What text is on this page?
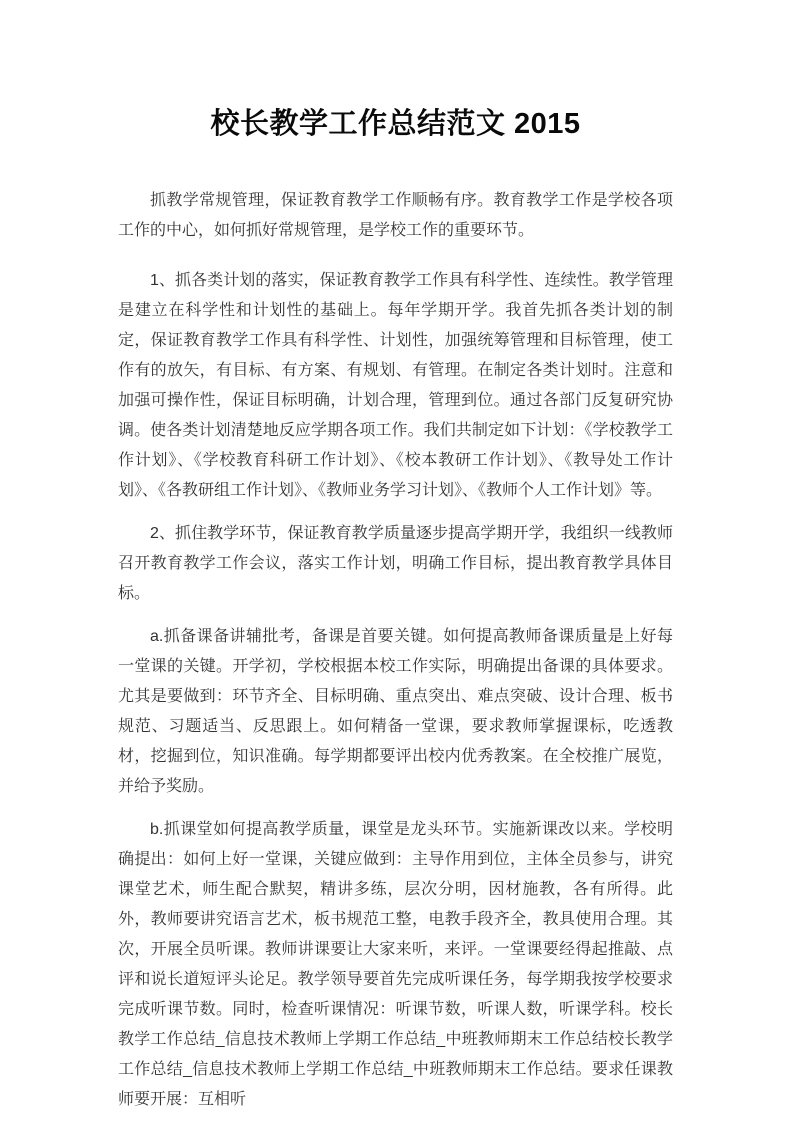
校长教学工作总结范文 2015

抓教学常规管理，保证教育教学工作顺畅有序。教育教学工作是学校各项工作的中心，如何抓好常规管理，是学校工作的重要环节。

1、抓各类计划的落实，保证教育教学工作具有科学性、连续性。教学管理是建立在科学性和计划性的基础上。每年学期开学。我首先抓各类计划的制定，保证教育教学工作具有科学性、计划性，加强统筹管理和目标管理，使工作有的放矢，有目标、有方案、有规划、有管理。在制定各类计划时。注意和加强可操作性，保证目标明确，计划合理，管理到位。通过各部门反复研究协调。使各类计划清楚地反应学期各项工作。我们共制定如下计划：《学校教学工作计划》、《学校教育科研工作计划》、《校本教研工作计划》、《教导处工作计划》、《各教研组工作计划》、《教师业务学习计划》、《教师个人工作计划》等。

2、抓住教学环节，保证教育教学质量逐步提高学期开学，我组织一线教师召开教育教学工作会议，落实工作计划，明确工作目标，提出教育教学具体目标。

a.抓备课备讲辅批考，备课是首要关键。如何提高教师备课质量是上好每一堂课的关键。开学初，学校根据本校工作实际，明确提出备课的具体要求。尤其是要做到：环节齐全、目标明确、重点突出、难点突破、设计合理、板书规范、习题适当、反思跟上。如何精备一堂课，要求教师掌握课标，吃透教材，挖掘到位，知识准确。每学期都要评出校内优秀教案。在全校推广展览，并给予奖励。

b.抓课堂如何提高教学质量，课堂是龙头环节。实施新课改以来。学校明确提出：如何上好一堂课，关键应做到：主导作用到位，主体全员参与，讲究课堂艺术，师生配合默契，精讲多练，层次分明，因材施教，各有所得。此外，教师要讲究语言艺术，板书规范工整，电教手段齐全，教具使用合理。其次，开展全员听课。教师讲课要让大家来听，来评。一堂课要经得起推敲、点评和说长道短评头论足。教学领导要首先完成听课任务，每学期我按学校要求完成听课节数。同时，检查听课情况：听课节数，听课人数，听课学科。校长教学工作总结_信息技术教师上学期工作总结_中班教师期末工作总结校长教学工作总结_信息技术教师上学期工作总结_中班教师期末工作总结。要求任课教师要开展：互相听
